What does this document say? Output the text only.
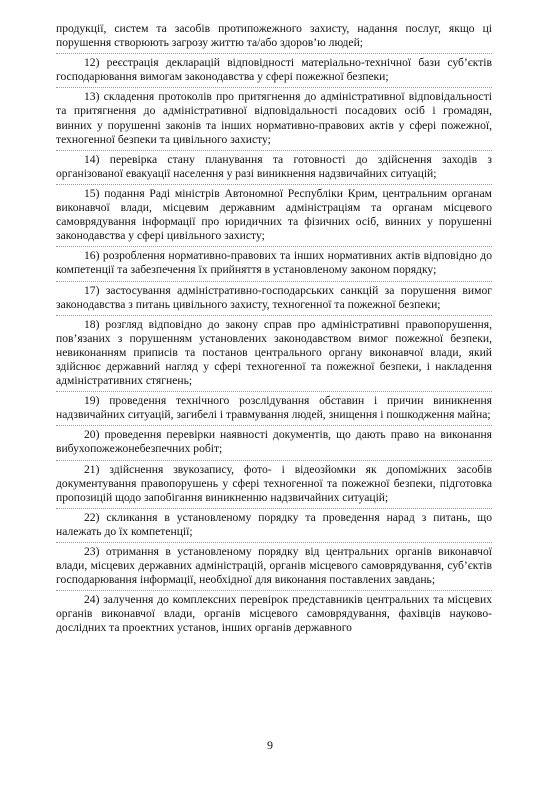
продукції, систем та засобів протипожежного захисту, надання послуг, якщо ці порушення створюють загрозу життю та/або здоров’ю людей;

12) реєстрація декларацій відповідності матеріально-технічної бази суб’єктів господарювання вимогам законодавства у сфері пожежної безпеки;

13) складення протоколів про притягнення до адміністративної відповідальності та притягнення до адміністративної відповідальності посадових осіб і громадян, винних у порушенні законів та інших нормативно-правових актів у сфері пожежної, техногенної безпеки та цивільного захисту;

14) перевірка стану планування та готовності до здійснення заходів з організованої евакуації населення у разі виникнення надзвичайних ситуацій;

15) подання Раді міністрів Автономної Республіки Крим, центральним органам виконавчої влади, місцевим державним адміністраціям та органам місцевого самоврядування інформації про юридичних та фізичних осіб, винних у порушенні законодавства у сфері цивільного захисту;

16) розроблення нормативно-правових та інших нормативних актів відповідно до компетенції та забезпечення їх прийняття в установленому законом порядку;

17) застосування адміністративно-господарських санкцій за порушення вимог законодавства з питань цивільного захисту, техногенної та пожежної безпеки;

18) розгляд відповідно до закону справ про адміністративні правопорушення, пов’язаних з порушенням установлених законодавством вимог пожежної безпеки, невиконанням приписів та постанов центрального органу виконавчої влади, який здійснює державний нагляд у сфері техногенної та пожежної безпеки, і накладення адміністративних стягнень;

19) проведення технічного розслідування обставин і причин виникнення надзвичайних ситуацій, загибелі і травмування людей, знищення і пошкодження майна;

20) проведення перевірки наявності документів, що дають право на виконання вибухопожежонебезпечних робіт;

21) здійснення звукозапису, фото- і відеозйомки як допоміжних засобів документування правопорушень у сфері техногенної та пожежної безпеки, підготовка пропозицій щодо запобігання виникненню надзвичайних ситуацій;

22) скликання в установленому порядку та проведення нарад з питань, що належать до їх компетенції;

23) отримання в установленому порядку від центральних органів виконавчої влади, місцевих державних адміністрацій, органів місцевого самоврядування, суб’єктів господарювання інформації, необхідної для виконання поставлених завдань;

24) залучення до комплексних перевірок представників центральних та місцевих органів виконавчої влади, органів місцевого самоврядування, фахівців науково-дослідних та проектних установ, інших органів державного

9
